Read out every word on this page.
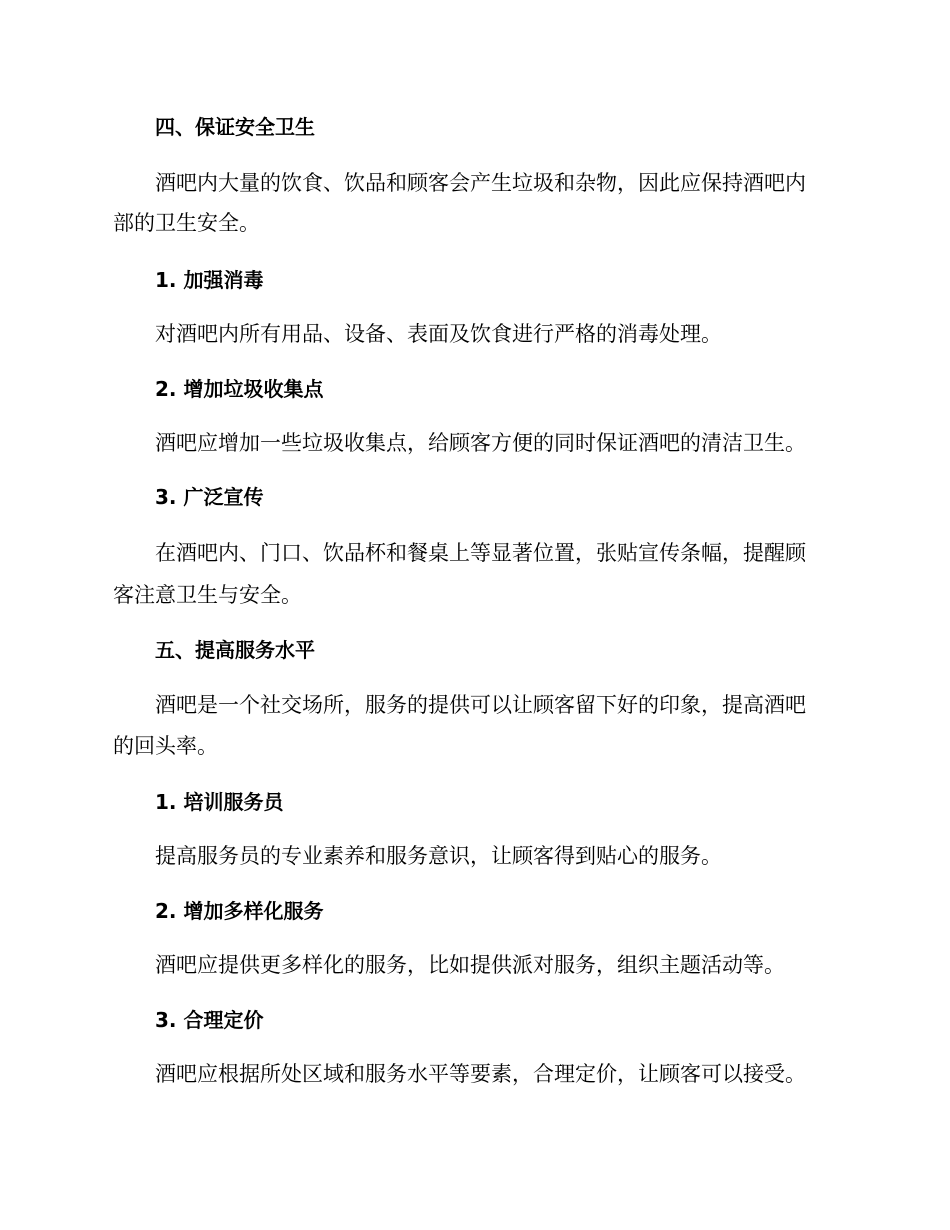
四、保证安全卫生

酒吧内大量的饮食、饮品和顾客会产生垃圾和杂物，因此应保持酒吧内

部的卫生安全。

1. 加强消毒

对酒吧内所有用品、设备、表面及饮食进行严格的消毒处理。

2. 增加垃圾收集点

酒吧应增加一些垃圾收集点，给顾客方便的同时保证酒吧的清洁卫生。

3. 广泛宣传

在酒吧内、门口、饮品杯和餐桌上等显著位置，张贴宣传条幅，提醒顾

客注意卫生与安全。

五、提高服务水平

酒吧是一个社交场所，服务的提供可以让顾客留下好的印象，提高酒吧

的回头率。

1. 培训服务员

提高服务员的专业素养和服务意识，让顾客得到贴心的服务。

2. 增加多样化服务

酒吧应提供更多样化的服务，比如提供派对服务，组织主题活动等。

3. 合理定价

酒吧应根据所处区域和服务水平等要素，合理定价，让顾客可以接受。
